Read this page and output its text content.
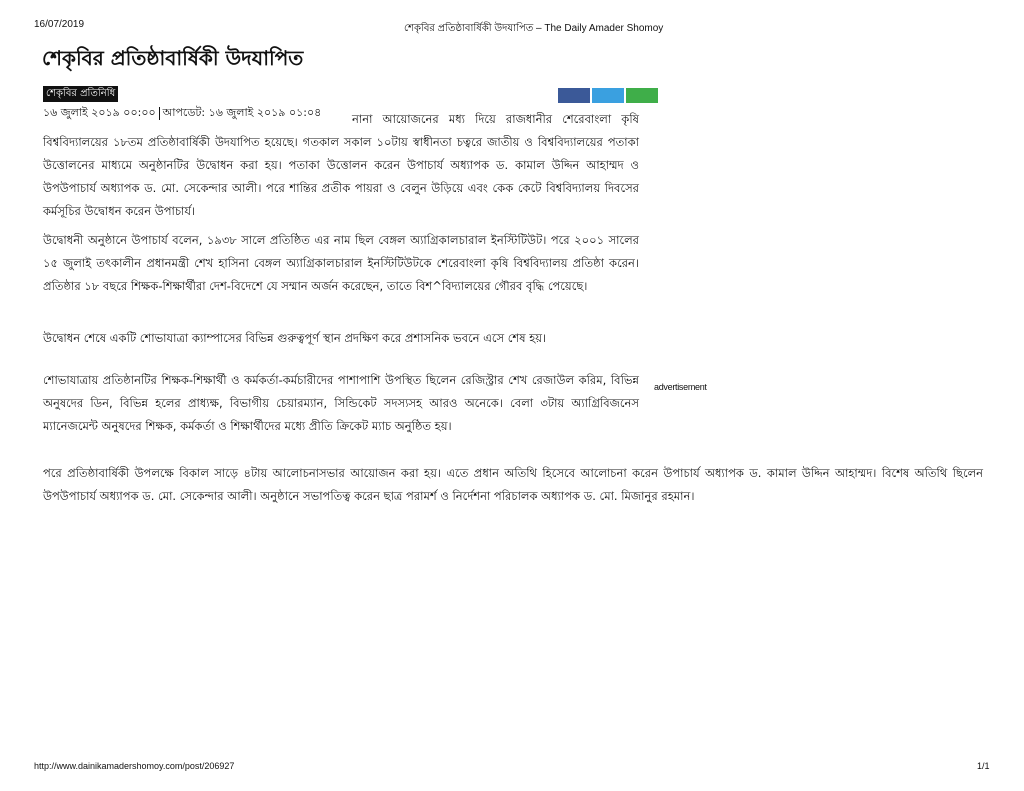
16/07/2019	শেকৃবির প্রতিষ্ঠাবার্ষিকী উদযাপিত – The Daily Amader Shomoy
শেকৃবির প্রতিষ্ঠাবার্ষিকী উদযাপিত
শেকৃবির প্রতিনিধি
১৬ জুলাই ২০১৯ ০০:০০ আপডেট: ১৬ জুলাই ২০১৯ ০১:০৪	নানা আয়োজনের মধ্য দিয়ে রাজধানীর শেরেবাংলা কৃষি বিশ্ববিদ্যালয়ের ১৮তম প্রতিষ্ঠাবার্ষিকী উদযাপিত হয়েছে। গতকাল সকাল ১০টায় স্বাধীনতা চত্বরে জাতীয় ও বিশ্ববিদ্যালয়ের পতাকা উত্তোলনের মাধ্যমে অনুষ্ঠানটির উদ্বোধন করা হয়। পতাকা উত্তোলন করেন উপাচার্য অধ্যাপক ড. কামাল উদ্দিন আহাম্মদ ও উপউপাচার্য অধ্যাপক ড. মো. সেকেন্দার আলী। পরে শান্তির প্রতীক পায়রা ও বেলুন উড়িয়ে এবং কেক কেটে বিশ্ববিদ্যালয় দিবসের কর্মসূচির উদ্বোধন করেন উপাচার্য।

উদ্বোধনী অনুষ্ঠানে উপাচার্য বলেন, ১৯৩৮ সালে প্রতিষ্ঠিত এর নাম ছিল বেঙ্গল অ্যাগ্রিকালচারাল ইনস্টিটিউট। পরে ২০০১ সালের ১৫ জুলাই তৎকালীন প্রধানমন্ত্রী শেখ হাসিনা বেঙ্গল অ্যাগ্রিকালচারাল ইনস্টিটিউটকে শেরেবাংলা কৃষি বিশ্ববিদ্যালয় প্রতিষ্ঠা করেন। প্রতিষ্ঠার ১৮ বছরে শিক্ষক-শিক্ষার্থীরা দেশ-বিদেশে যে সম্মান অর্জন করেছেন, তাতে বিশ^বিদ্যালয়ের গৌরব বৃদ্ধি পেয়েছে।

উদ্বোধন শেষে একটি শোভাযাত্রা ক্যাম্পাসের বিভিন্ন গুরুত্বপূর্ণ স্থান প্রদক্ষিণ করে প্রশাসনিক ভবনে এসে শেষ হয়।

শোভাযাত্রায় প্রতিষ্ঠানটির শিক্ষক-শিক্ষার্থী ও কর্মকর্তা-কর্মচারীদের পাশাপাশি উপস্থিত ছিলেন রেজিস্ট্রার শেখ রেজাউল করিম, বিভিন্ন অনুষদের ডিন, বিভিন্ন হলের প্রাধ্যক্ষ, বিভাগীয় চেয়ারম্যান, সিন্ডিকেট সদস্যসহ আরও অনেকে। বেলা ৩টায় অ্যাগ্রিবিজনেস ম্যানেজমেন্ট অনুষদের শিক্ষক, কর্মকর্তা ও শিক্ষার্থীদের মধ্যে প্রীতি ক্রিকেট ম্যাচ অনুষ্ঠিত হয়।

advertisement

পরে প্রতিষ্ঠাবার্ষিকী উপলক্ষে বিকাল সাড়ে ৪টায় আলোচনাসভার আয়োজন করা হয়। এতে প্রধান অতিথি হিসেবে আলোচনা করেন উপাচার্য অধ্যাপক ড. কামাল উদ্দিন আহাম্মদ। বিশেষ অতিথি ছিলেন উপউপাচার্য অধ্যাপক ড. মো. সেকেন্দার আলী। অনুষ্ঠানে সভাপতিত্ব করেন ছাত্র পরামর্শ ও নির্দেশনা পরিচালক অধ্যাপক ড. মো. মিজানুর রহমান।

http://www.dainikamadershomoy.com/post/206927	1/1
